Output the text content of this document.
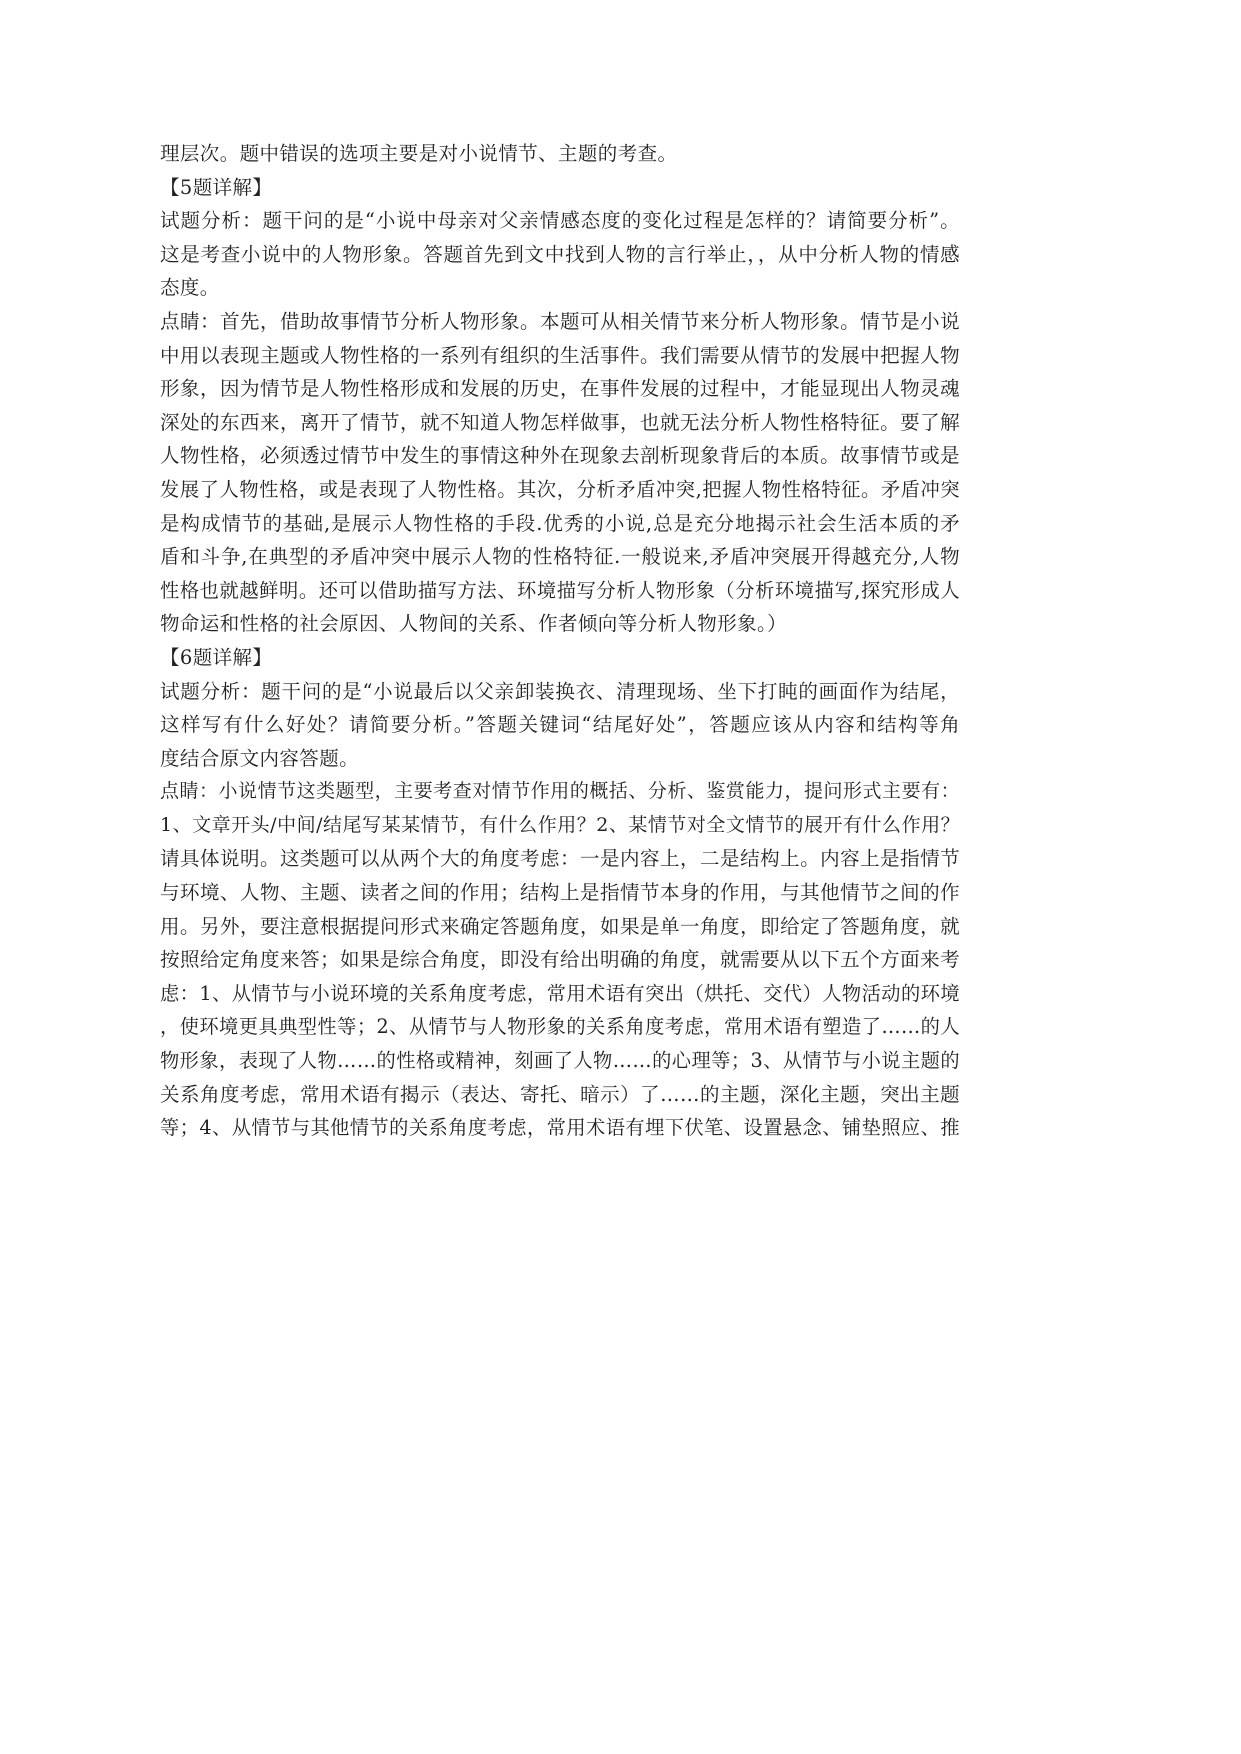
理层次。题中错误的选项主要是对小说情节、主题的考查。
【5题详解】
试题分析：题干问的是“小说中母亲对父亲情感态度的变化过程是怎样的？请简要分析”。
这是考查小说中的人物形象。答题首先到文中找到人物的言行举止，，从中分析人物的情感
态度。
点睛：首先，借助故事情节分析人物形象。本题可从相关情节来分析人物形象。情节是小说
中用以表现主题或人物性格的一系列有组织的生活事件。我们需要从情节的发展中把握人物
形象，因为情节是人物性格形成和发展的历史，在事件发展的过程中，才能显现出人物灵魂
深处的东西来，离开了情节，就不知道人物怎样做事，也就无法分析人物性格特征。要了解
人物性格，必须透过情节中发生的事情这种外在现象去剖析现象背后的本质。故事情节或是
发展了人物性格，或是表现了人物性格。其次，分析矛盾冲突,把握人物性格特征。矛盾冲突
是构成情节的基础,是展示人物性格的手段.优秀的小说,总是充分地揭示社会生活本质的矛
盾和斗争,在典型的矛盾冲突中展示人物的性格特征.一般说来,矛盾冲突展开得越充分,人物
性格也就越鲜明。还可以借助描写方法、环境描写分析人物形象（分析环境描写,探究形成人
物命运和性格的社会原因、人物间的关系、作者倾向等分析人物形象。）
【6题详解】
试题分析：题干问的是“小说最后以父亲卸装换衣、清理现场、坐下打盹的画面作为结尾，
这样写有什么好处？请简要分析。”答题关键词“结尾好处”，答题应该从内容和结构等角
度结合原文内容答题。
点睛：小说情节这类题型，主要考查对情节作用的概括、分析、鉴赏能力，提问形式主要有：
1、文章开头/中间/结尾写某某情节，有什么作用？2、某情节对全文情节的展开有什么作用？
请具体说明。这类题可以从两个大的角度考虑：一是内容上，二是结构上。内容上是指情节
与环境、人物、主题、读者之间的作用；结构上是指情节本身的作用，与其他情节之间的作
用。另外，要注意根据提问形式来确定答题角度，如果是单一角度，即给定了答题角度，就
按照给定角度来答；如果是综合角度，即没有给出明确的角度，就需要从以下五个方面来考
虑：1、从情节与小说环境的关系角度考虑，常用术语有突出（烘托、交代）人物活动的环境
，使环境更具典型性等；2、从情节与人物形象的关系角度考虑，常用术语有塑造了……的人
物形象，表现了人物……的性格或精神，刻画了人物……的心理等；3、从情节与小说主题的
关系角度考虑，常用术语有揭示（表达、寄托、暗示）了……的主题，深化主题，突出主题
等；4、从情节与其他情节的关系角度考虑，常用术语有埋下伏笔、设置悬念、铺垫照应、推
